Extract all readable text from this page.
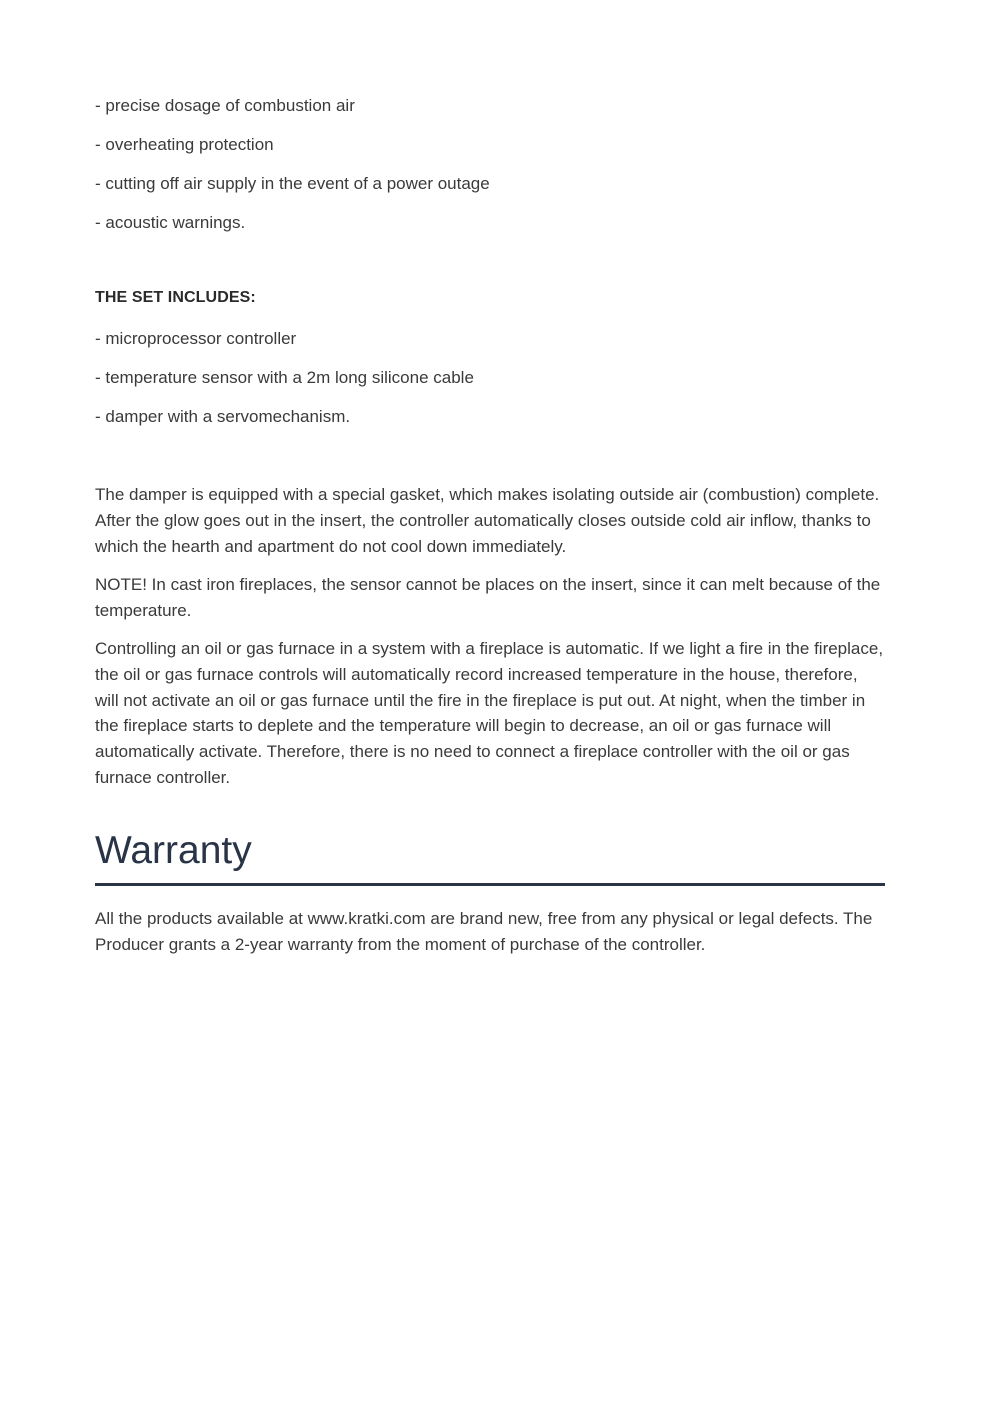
- precise dosage of combustion air
- overheating protection
- cutting off air supply in the event of a power outage
- acoustic warnings.
THE SET INCLUDES:
- microprocessor controller
- temperature sensor with a 2m long silicone cable
- damper with a servomechanism.

The damper is equipped with a special gasket, which makes isolating outside air (combustion) complete. After the glow goes out in the insert, the controller automatically closes outside cold air inflow, thanks to which the hearth and apartment do not cool down immediately.

NOTE! In cast iron fireplaces, the sensor cannot be places on the insert, since it can melt because of the temperature.

Controlling an oil or gas furnace in a system with a fireplace is automatic. If we light a fire in the fireplace, the oil or gas furnace controls will automatically record increased temperature in the house, therefore, will not activate an oil or gas furnace until the fire in the fireplace is put out. At night, when the timber in the fireplace starts to deplete and the temperature will begin to decrease, an oil or gas furnace will automatically activate. Therefore, there is no need to connect a fireplace controller with the oil or gas furnace controller.

Warranty

All the products available at www.kratki.com are brand new, free from any physical or legal defects. The Producer grants a 2-year warranty from the moment of purchase of the controller.
